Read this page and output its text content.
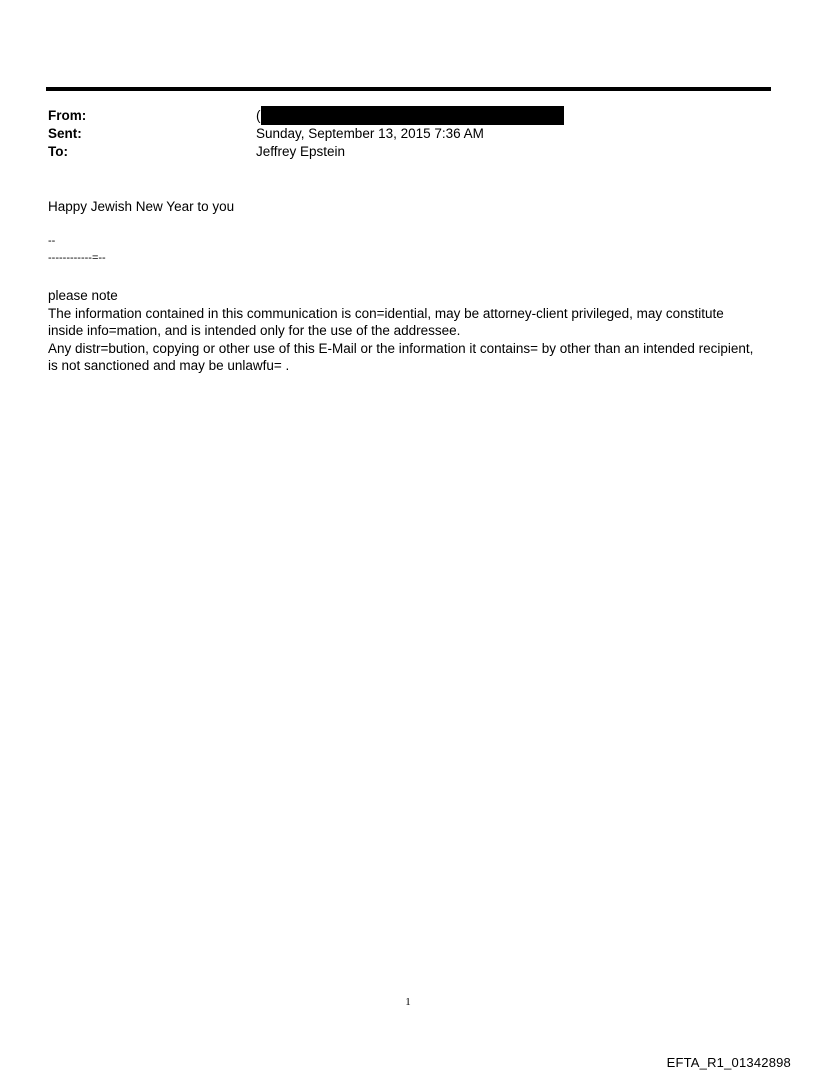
From:	(
Sent:	Sunday, September 13, 2015 7:36 AM
To:	Jeffrey Epstein
Happy Jewish New Year to you
--
------------=--
please note
The information contained in this communication is con=idential, may be attorney-client privileged, may constitute
inside info=mation, and is intended only for the use of the addressee.
Any distr=bution, copying or other use of this E-Mail or the information it contains= by other than an intended recipient,
is not sanctioned and may be unlawfu= .
1
EFTA_R1_01342898
